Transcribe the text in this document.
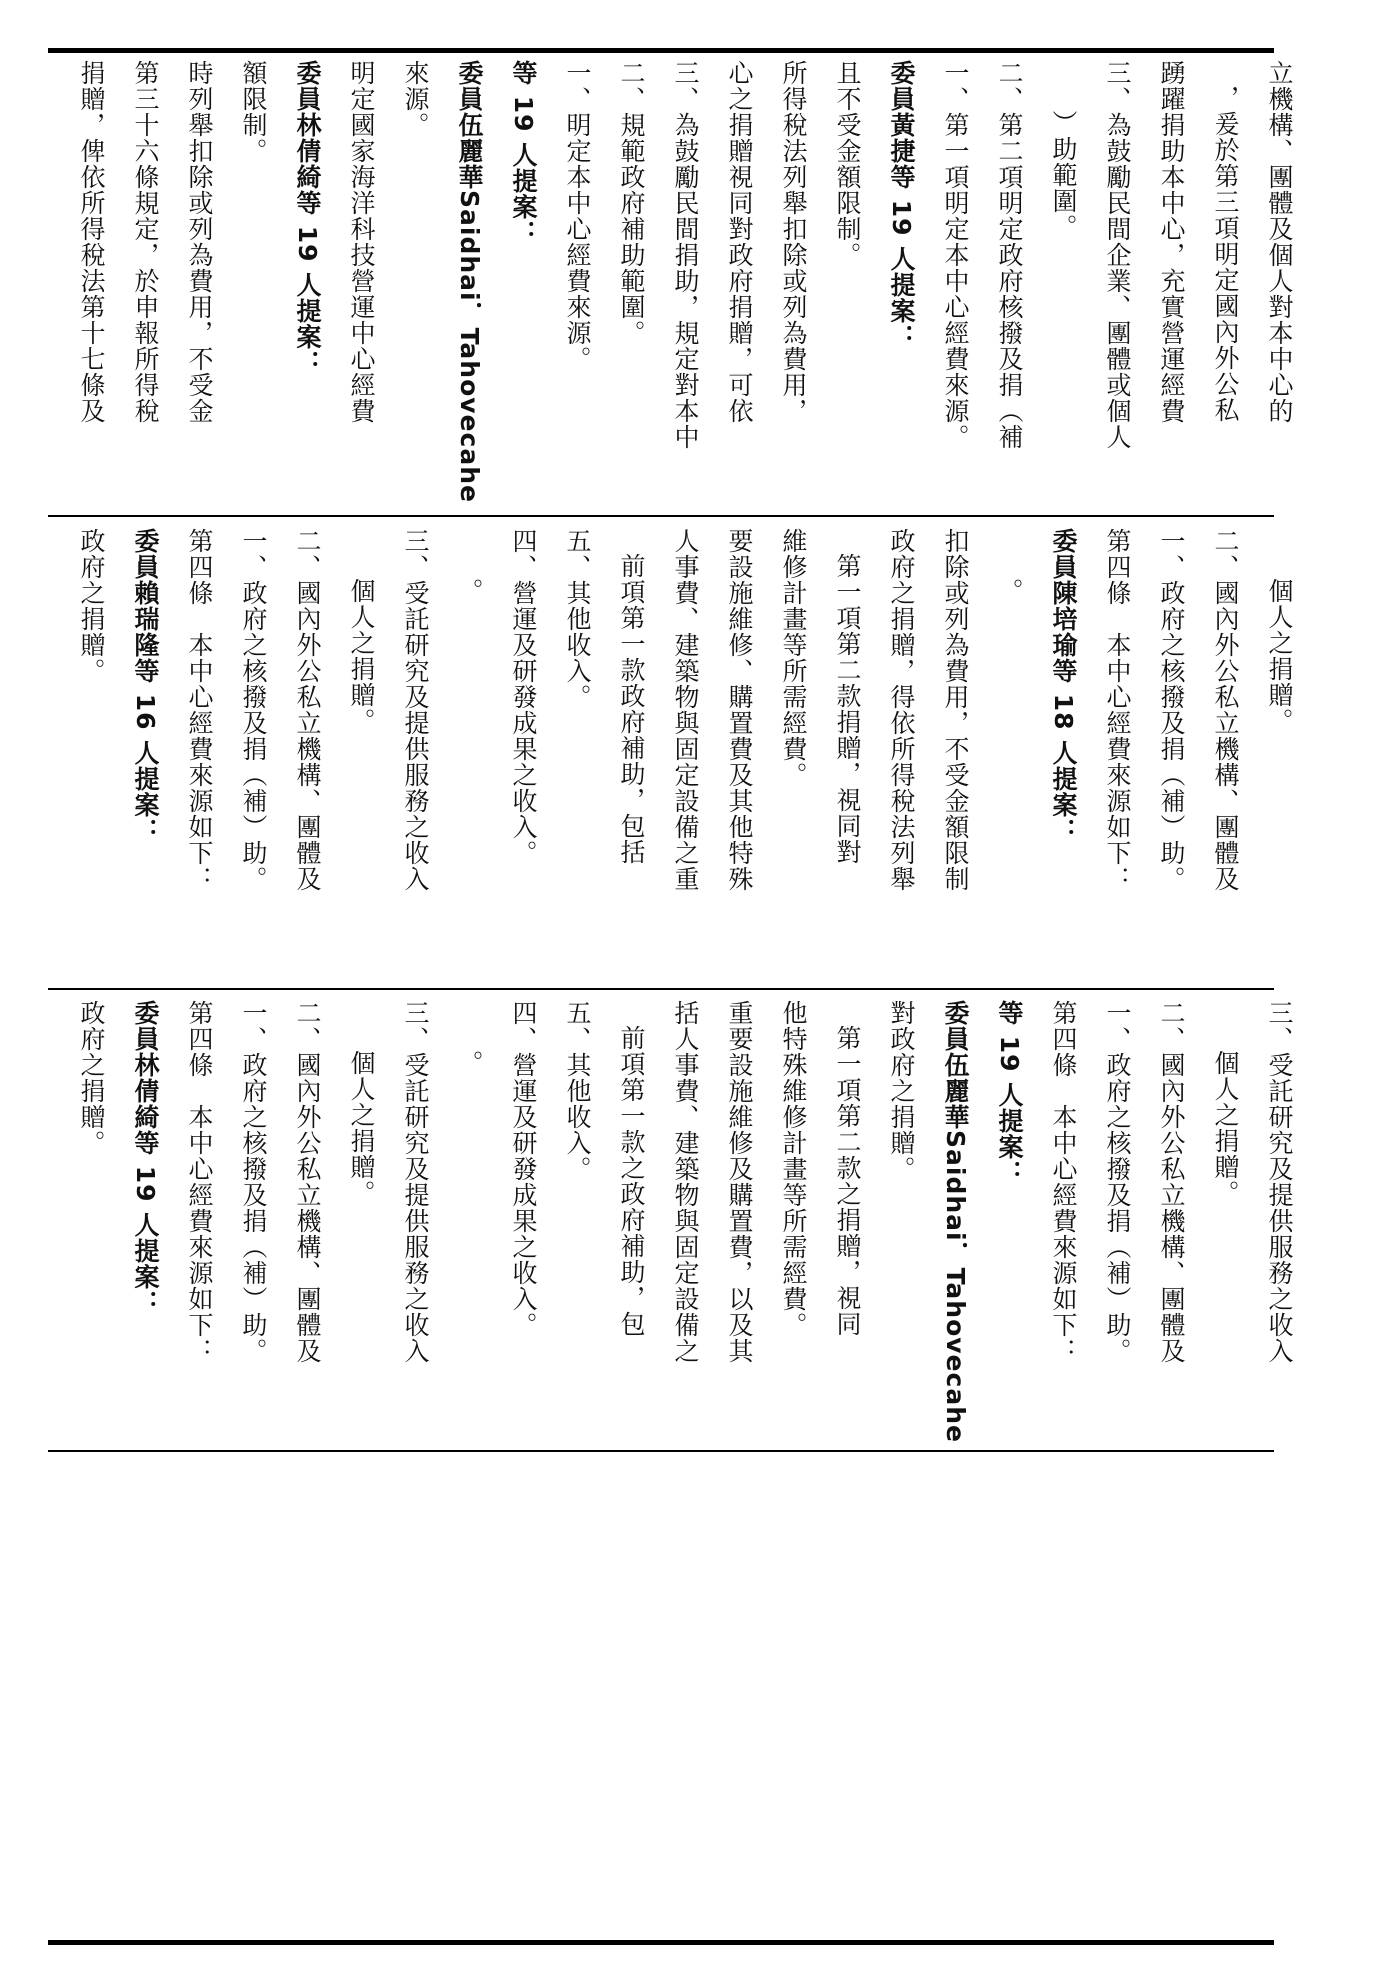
捐贈，俾依所得稅法第十七條及	第三十六條規定，於申報所得稅	時列舉扣除或列為費用，不受金	額限制。	委員林倩綺等 19 人提案：	明定國家海洋科技營運中心經費	來源。	委員伍麗華Saidhai．Tahovecahe	等 19 人提案：	一、明定本中心經費來源。	二、規範政府補助範圍。	三、為鼓勵民間捐助，規定對本中	心之捐贈視同對政府捐贈，可依	所得稅法列舉扣除或列為費用，	且不受金額限制。	委員黃捷等 19 人提案：	一、第一項明定本中心經費來源。	二、第二項明定政府核撥及捐（補	）助範圍。	三、為鼓勵民間企業、團體或個人	踴躍捐助本中心，充實營運經費	，爰於第三項明定國內外公私	立機構、團體及個人對本中心的
政府之捐贈。	委員賴瑞隆等 16 人提案：	第四條　本中心經費來源如下：	一、政府之核撥及捐（補）助。	二、國內外公私立機構、團體及	個人之捐贈。	三、受託研究及提供服務之收入	。	四、營運及研發成果之收入。	五、其他收入。	前項第一款政府補助，包括	人事費、建築物與固定設備之重	要設施維修、購置費及其他特殊	維修計畫等所需經費。	第一項第二款捐贈，視同對	政府之捐贈，得依所得稅法列舉	扣除或列為費用，不受金額限制	。	委員陳培瑜等 18 人提案：	第四條　本中心經費來源如下：	一、政府之核撥及捐（補）助。	二、國內外公私立機構、團體及	個人之捐贈。
政府之捐贈。	委員林倩綺等 19 人提案：	第四條　本中心經費來源如下：	一、政府之核撥及捐（補）助。	二、國內外公私立機構、團體及	個人之捐贈。	三、受託研究及提供服務之收入	。	四、營運及研發成果之收入。	五、其他收入。	前項第一款之政府補助，包	括人事費、建築物與固定設備之	重要設施維修及購置費，以及其	他特殊維修計畫等所需經費。	第一項第二款之捐贈，視同	對政府之捐贈。	委員伍麗華Saidhai．Tahovecahe	等 19 人提案：	第四條　本中心經費來源如下：	一、政府之核撥及捐（補）助。	二、國內外公私立機構、團體及	個人之捐贈。	三、受託研究及提供服務之收入
